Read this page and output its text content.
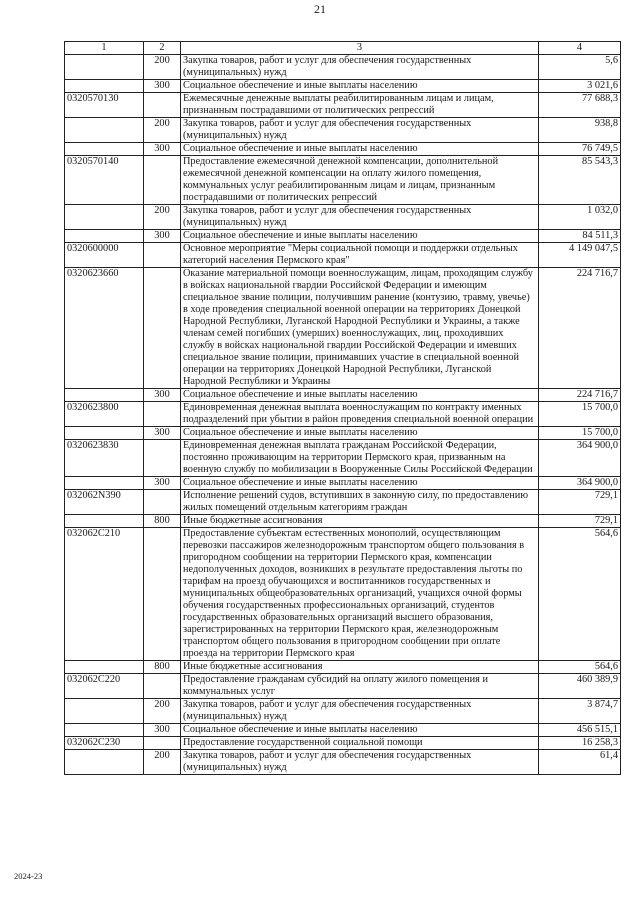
21
1	2	3	4
	200	Закупка товаров, работ и услуг для обеспечения государственных (муниципальных) нужд	5,6
	300	Социальное обеспечение и иные выплаты населению	3 021,6
0320570130		Ежемесячные денежные выплаты реабилитированным лицам и лицам, признанным пострадавшими от политических репрессий	77 688,3
	200	Закупка товаров, работ и услуг для обеспечения государственных (муниципальных) нужд	938,8
	300	Социальное обеспечение и иные выплаты населению	76 749,5
0320570140		Предоставление ежемесячной денежной компенсации, дополнительной ежемесячной денежной компенсации на оплату жилого помещения, коммунальных услуг реабилитированным лицам и лицам, признанным пострадавшими от политических репрессий	85 543,3
	200	Закупка товаров, работ и услуг для обеспечения государственных (муниципальных) нужд	1 032,0
	300	Социальное обеспечение и иные выплаты населению	84 511,3
0320600000		Основное мероприятие "Меры социальной помощи и поддержки отдельных категорий населения Пермского края"	4 149 047,5
0320623660		Оказание материальной помощи военнослужащим, лицам, проходящим службу в войсках национальной гвардии Российской Федерации и имеющим специальное звание полиции, получившим ранение (контузию, травму, увечье) в ходе проведения специальной военной операции на территориях Донецкой Народной Республики, Луганской Народной Республики и Украины, а также членам семей погибших (умерших) военнослужащих, лиц, проходивших службу в войсках национальной гвардии Российской Федерации и имевших специальное звание полиции, принимавших участие в специальной военной операции на территориях Донецкой Народной Республики, Луганской Народной Республики и Украины	224 716,7
	300	Социальное обеспечение и иные выплаты населению	224 716,7
0320623800		Единовременная денежная выплата военнослужащим по контракту именных подразделений при убытии в район проведения специальной военной операции	15 700,0
	300	Социальное обеспечение и иные выплаты населению	15 700,0
0320623830		Единовременная денежная выплата гражданам Российской Федерации, постоянно проживающим на территории Пермского края, призванным на военную службу по мобилизации в Вооруженные Силы Российской Федерации	364 900,0
	300	Социальное обеспечение и иные выплаты населению	364 900,0
032062N390		Исполнение решений судов, вступивших в законную силу, по предоставлению жилых помещений отдельным категориям граждан	729,1
	800	Иные бюджетные ассигнования	729,1
032062C210		Предоставление субъектам естественных монополий, осуществляющим перевозки пассажиров железнодорожным транспортом общего пользования в пригородном сообщении на территории Пермского края, компенсации недополученных доходов, возникших в результате предоставления льготы по тарифам на проезд обучающихся и воспитанников государственных и муниципальных общеобразовательных организаций, учащихся очной формы обучения государственных профессиональных организаций, студентов государственных образовательных организаций высшего образования, зарегистрированных на территории Пермского края, железнодорожным транспортом общего пользования в пригородном сообщении при оплате проезда на территории Пермского края	564,6
	800	Иные бюджетные ассигнования	564,6
032062C220		Предоставление гражданам субсидий на оплату жилого помещения и коммунальных услуг	460 389,9
	200	Закупка товаров, работ и услуг для обеспечения государственных (муниципальных) нужд	3 874,7
	300	Социальное обеспечение и иные выплаты населению	456 515,1
032062C230		Предоставление государственной социальной помощи	16 258,3
	200	Закупка товаров, работ и услуг для обеспечения государственных (муниципальных) нужд	61,4
2024-23
